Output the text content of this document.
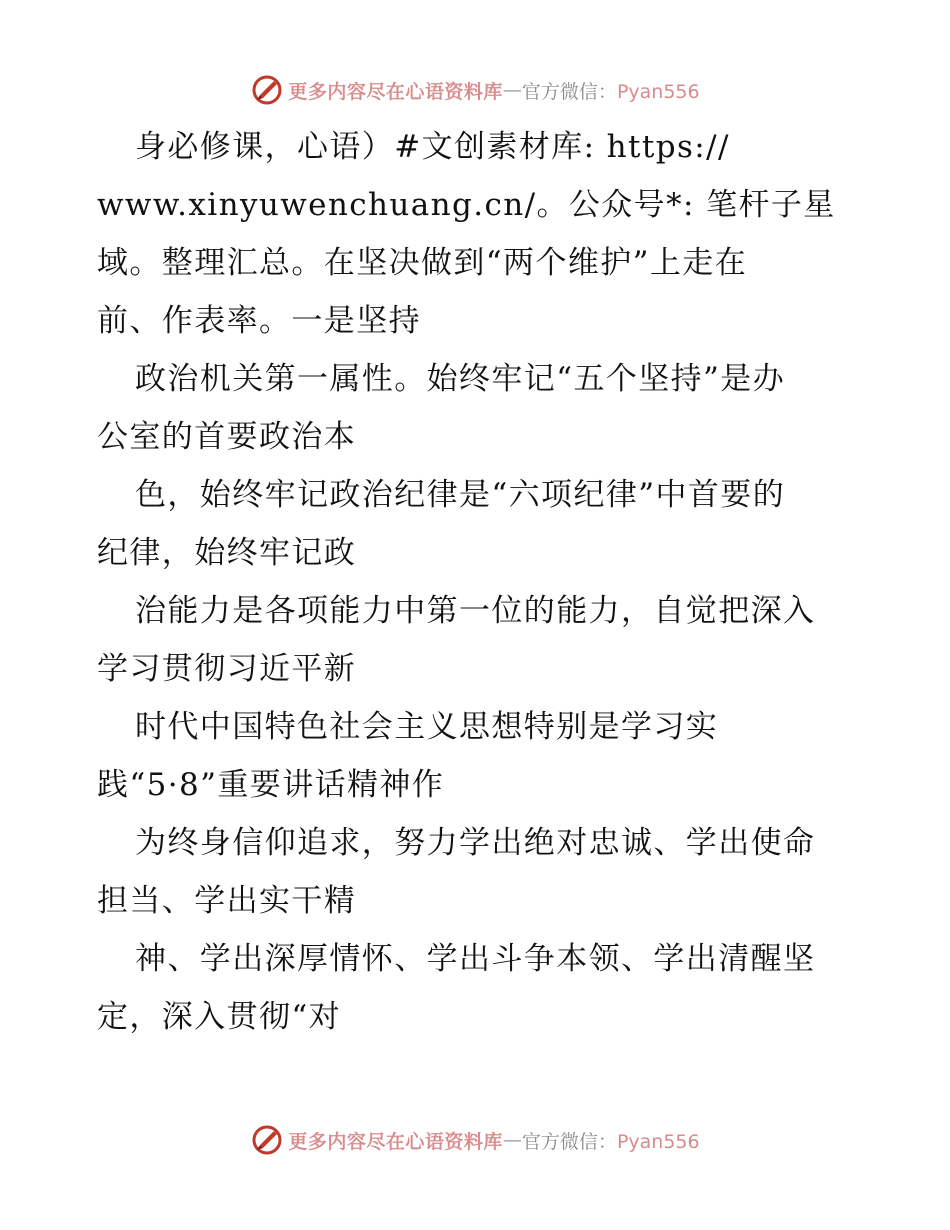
更多内容尽在心语资料库 — 官方微信：Pyan556
身必修课，心语）#文创素材库: https://
www.xinyuwenchuang.cn/。公众号*: 笔杆子星
域。整理汇总。在坚决做到“两个维护”上走在
前、作表率。一是坚持
政治机关第一属性。始终牢记“五个坚持”是办
公室的首要政治本
色，始终牢记政治纪律是“六项纪律”中首要的
纪律，始终牢记政
治能力是各项能力中第一位的能力，自觉把深入
学习贯彻习近平新
时代中国特色社会主义思想特别是学习实
践“5·8”重要讲话精神作
为终身信仰追求，努力学出绝对忠诚、学出使命
担当、学出实干精
神、学出深厚情怀、学出斗争本领、学出清醒坚
定，深入贯彻“对
更多内容尽在心语资料库 — 官方微信：Pyan556
